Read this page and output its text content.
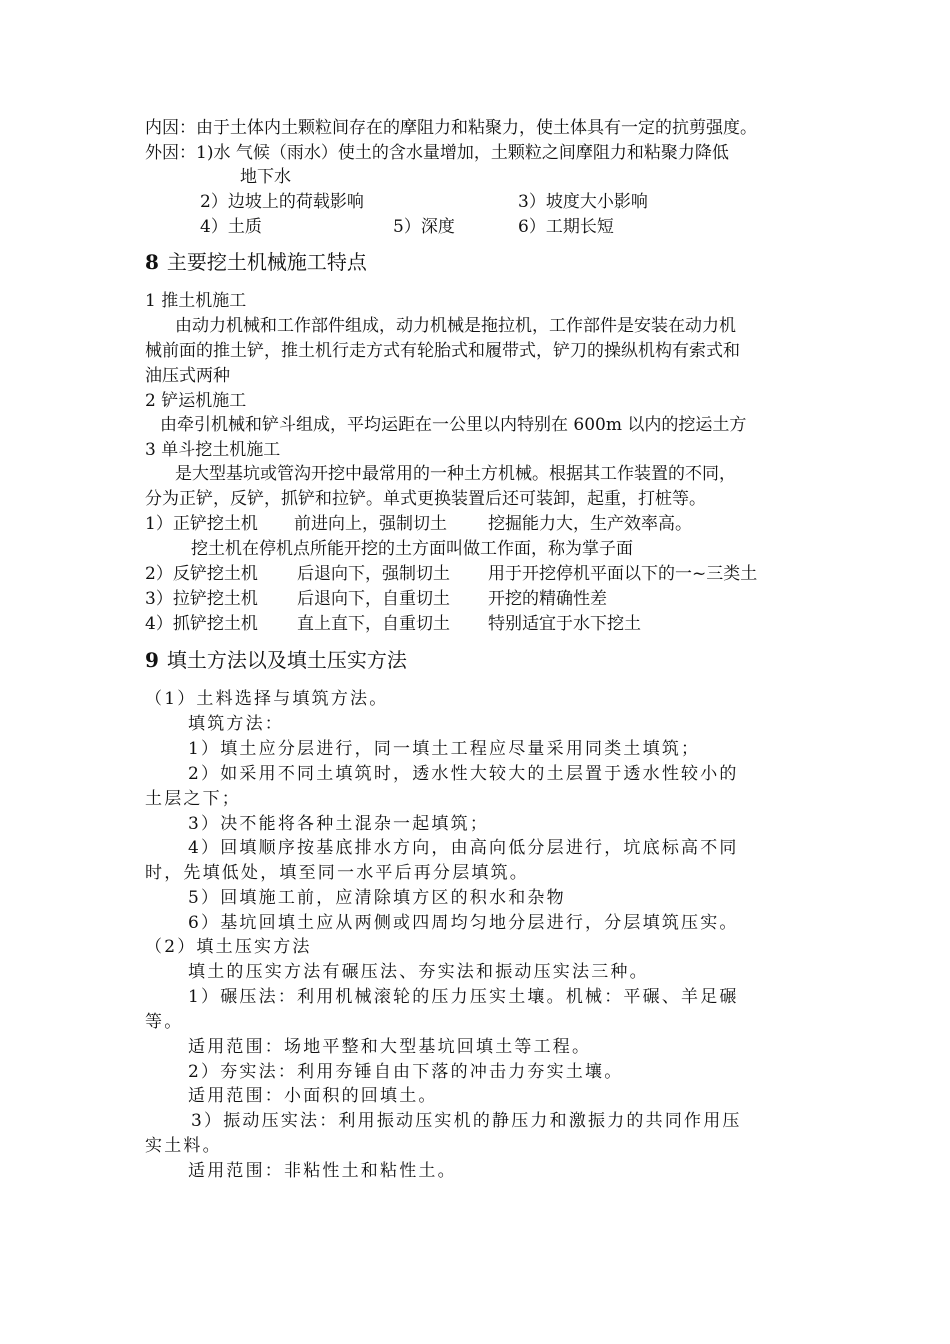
内因：由于土体内土颗粒间存在的摩阻力和粘聚力，使土体具有一定的抗剪强度。
外因：1)水 气候（雨水）使土的含水量增加，土颗粒之间摩阻力和粘聚力降低
地下水
2）边坡上的荷载影响	3）坡度大小影响
4）土质	5）深度	6）工期长短
8 主要挖土机械施工特点
1 推土机施工
由动力机械和工作部件组成，动力机械是拖拉机，工作部件是安装在动力机
械前面的推土铲，推土机行走方式有轮胎式和履带式，铲刀的操纵机构有索式和
油压式两种
2 铲运机施工
由牵引机械和铲斗组成，平均运距在一公里以内特别在 600m 以内的挖运土方
3 单斗挖土机施工
是大型基坑或管沟开挖中最常用的一种土方机械。根据其工作装置的不同，
分为正铲，反铲，抓铲和拉铲。单式更换装置后还可装卸，起重，打桩等。
1）正铲挖土机 前进向上，强制切土 挖掘能力大，生产效率高。
挖土机在停机点所能开挖的土方面叫做工作面，称为掌子面
2）反铲挖土机 后退向下，强制切土 用于开挖停机平面以下的一~三类土
3）拉铲挖土机 后退向下，自重切土 开挖的精确性差
4）抓铲挖土机 直上直下，自重切土 特别适宜于水下挖土
9 填土方法以及填土压实方法
（1）土料选择与填筑方法。
填筑方法：
1）填土应分层进行，同一填土工程应尽量采用同类土填筑；
2）如采用不同土填筑时，透水性大较大的土层置于透水性较小的
土层之下；
3）决不能将各种土混杂一起填筑；
4）回填顺序按基底排水方向，由高向低分层进行，坑底标高不同
时，先填低处，填至同一水平后再分层填筑。
5）回填施工前，应清除填方区的积水和杂物
6）基坑回填土应从两侧或四周均匀地分层进行，分层填筑压实。
（2）填土压实方法
填土的压实方法有碾压法、夯实法和振动压实法三种。
1）碾压法：利用机械滚轮的压力压实土壤。机械：平碾、羊足碾
等。
适用范围：场地平整和大型基坑回填土等工程。
2）夯实法：利用夯锤自由下落的冲击力夯实土壤。
适用范围：小面积的回填土。
3）振动压实法：利用振动压实机的静压力和激振力的共同作用压
实土料。
适用范围：非粘性土和粘性土。
